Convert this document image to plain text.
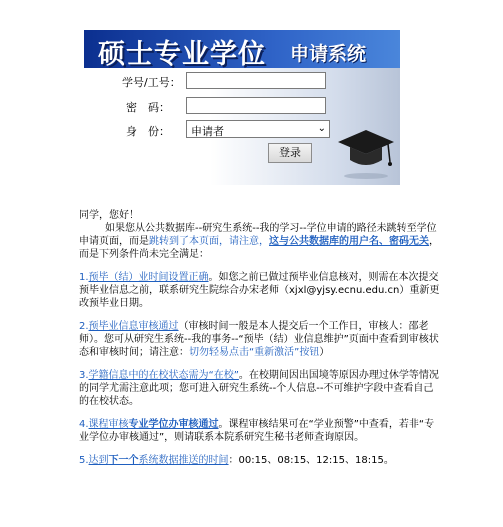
硕士专业学位 申请系统
学号/工号：
密　码：
身　份：	申请者	⌄
登录

同学，您好！

如果您从公共数据库--研究生系统--我的学习--学位申请的路径未跳转至学位申请页面，而是跳转到了本页面，请注意，这与公共数据库的用户名、密码无关，而是下列条件尚未完全满足：

1.预毕（结）业时间设置正确。如您之前已做过预毕业信息核对，则需在本次提交预毕业信息之前，联系研究生院综合办宋老师（xjxl@yjsy.ecnu.edu.cn）重新更改预毕业日期。

2.预毕业信息审核通过（审核时间一般是本人提交后一个工作日，审核人：邵老师）。您可从研究生系统--我的事务--“预毕（结）业信息维护”页面中查看到审核状态和审核时间；请注意：切勿轻易点击“重新激活”按钮）

3.学籍信息中的在校状态需为“在校”。在校期间因出国境等原因办理过休学等情况的同学尤需注意此项；您可进入研究生系统--个人信息--不可维护字段中查看自己的在校状态。

4.课程审核专业学位办审核通过。课程审核结果可在“学业预警”中查看，若非“专业学位办审核通过”，则请联系本院系研究生秘书老师查询原因。

5.达到下一个系统数据推送的时间：00:15、08:15、12:15、18:15。
